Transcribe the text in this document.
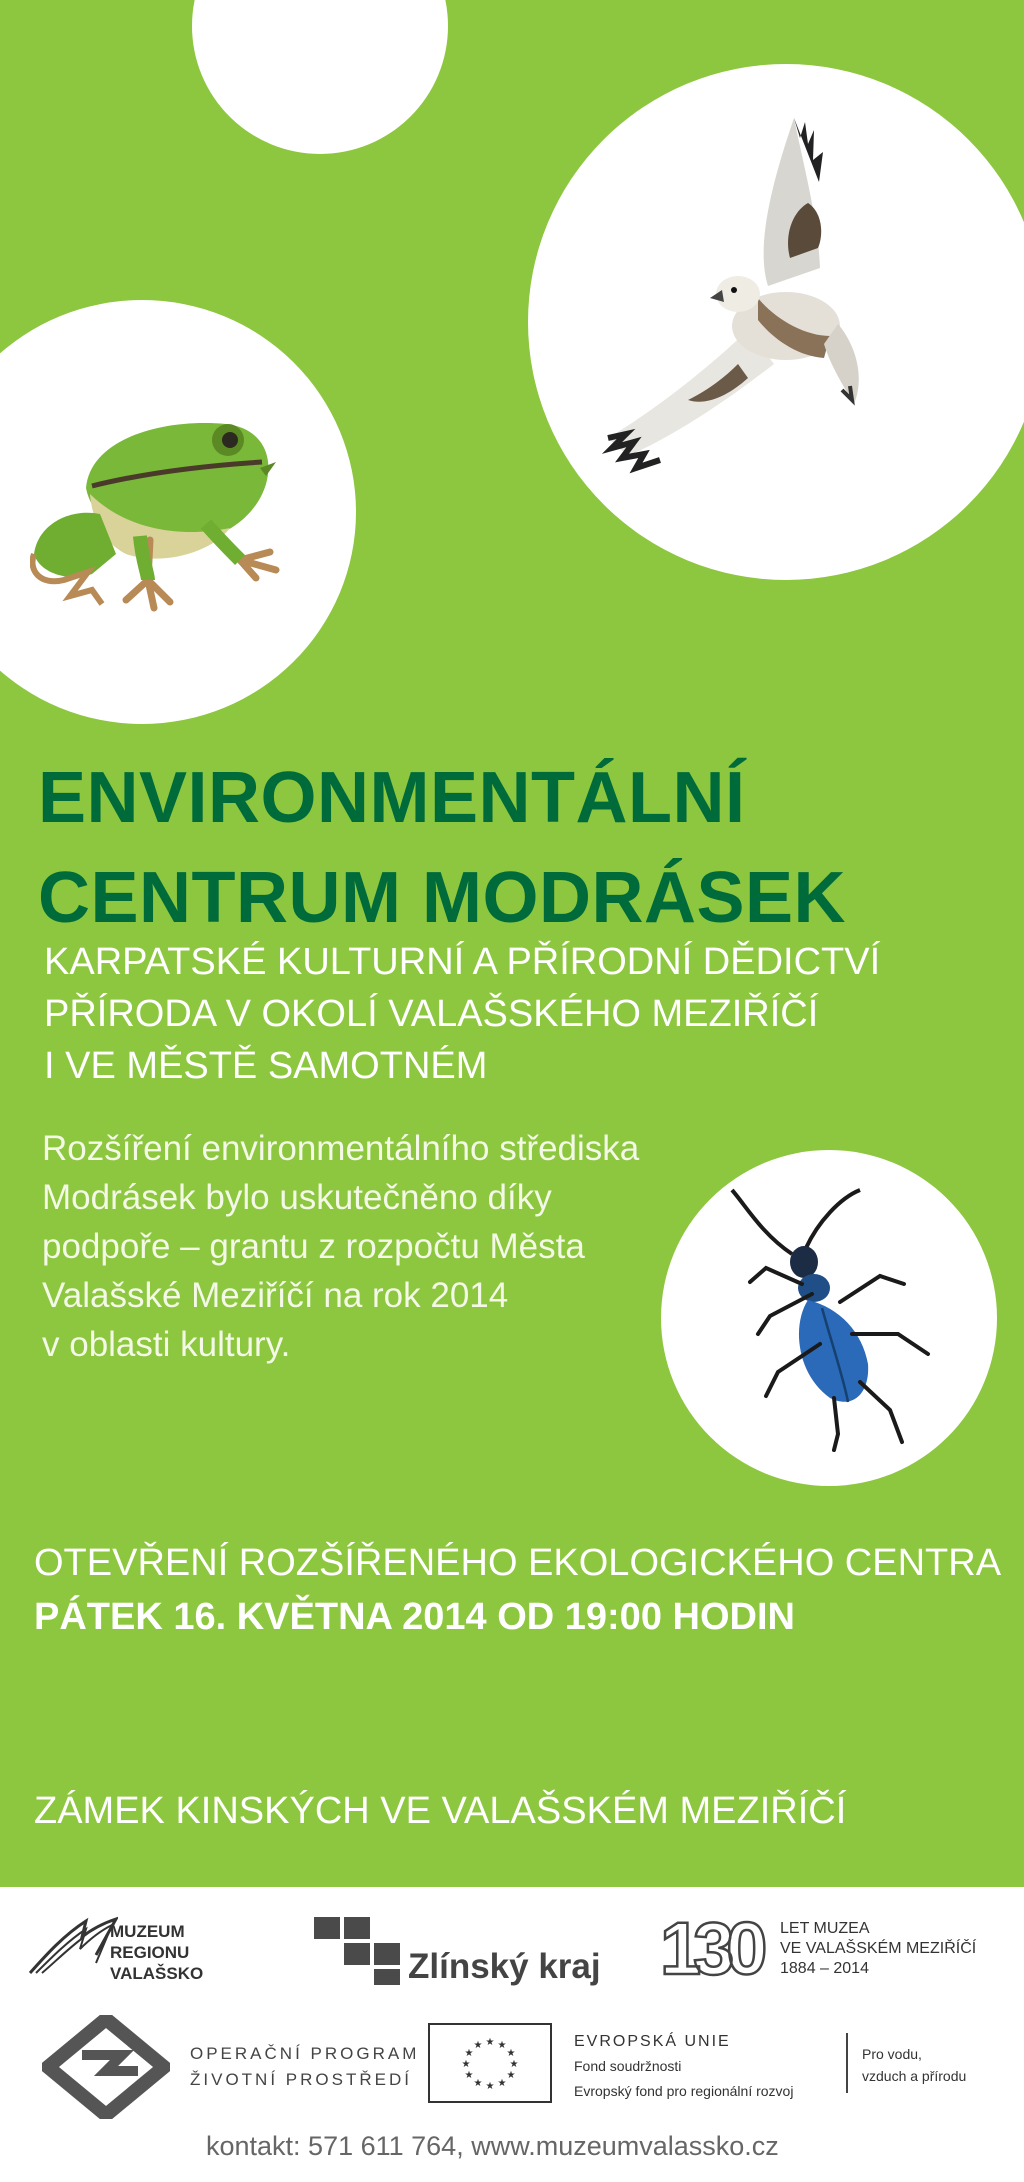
ENVIRONMENTÁLNÍ
CENTRUM MODRÁSEK
KARPATSKÉ KULTURNÍ A PŘÍRODNÍ DĚDICTVÍ
PŘÍRODA V OKOLÍ VALAŠSKÉHO MEZIŘÍČÍ
I VE MĚSTĚ SAMOTNÉM
Rozšíření environmentálního střediska
Modrásek bylo uskutečněno díky
podpoře – grantu z rozpočtu Města
Valašské Meziříčí na rok 2014
v oblasti kultury.
OTEVŘENÍ ROZŠÍŘENÉHO EKOLOGICKÉHO CENTRA
PÁTEK 16. KVĚTNA 2014 OD 19:00 HODIN
ZÁMEK KINSKÝCH VE VALAŠSKÉM MEZIŘÍČÍ
MUZEUM
REGIONU
VALAŠSKO	Zlínský kraj 130 LET MUZEA
VE VALAŠSKÉM MEZIŘÍČÍ
1884 – 2014
OPERAČNÍ PROGRAM
ŽIVOTNÍ PROSTŘEDÍ
★ ★
★
★
★
★
★
★
★
★
★
★	EVROPSKÁ UNIE
Fond soudržnosti
Evropský fond pro regionální rozvoj
Pro vodu,
vzduch a přírodu
kontakt: 571 611 764, www.muzeumvalassko.cz
